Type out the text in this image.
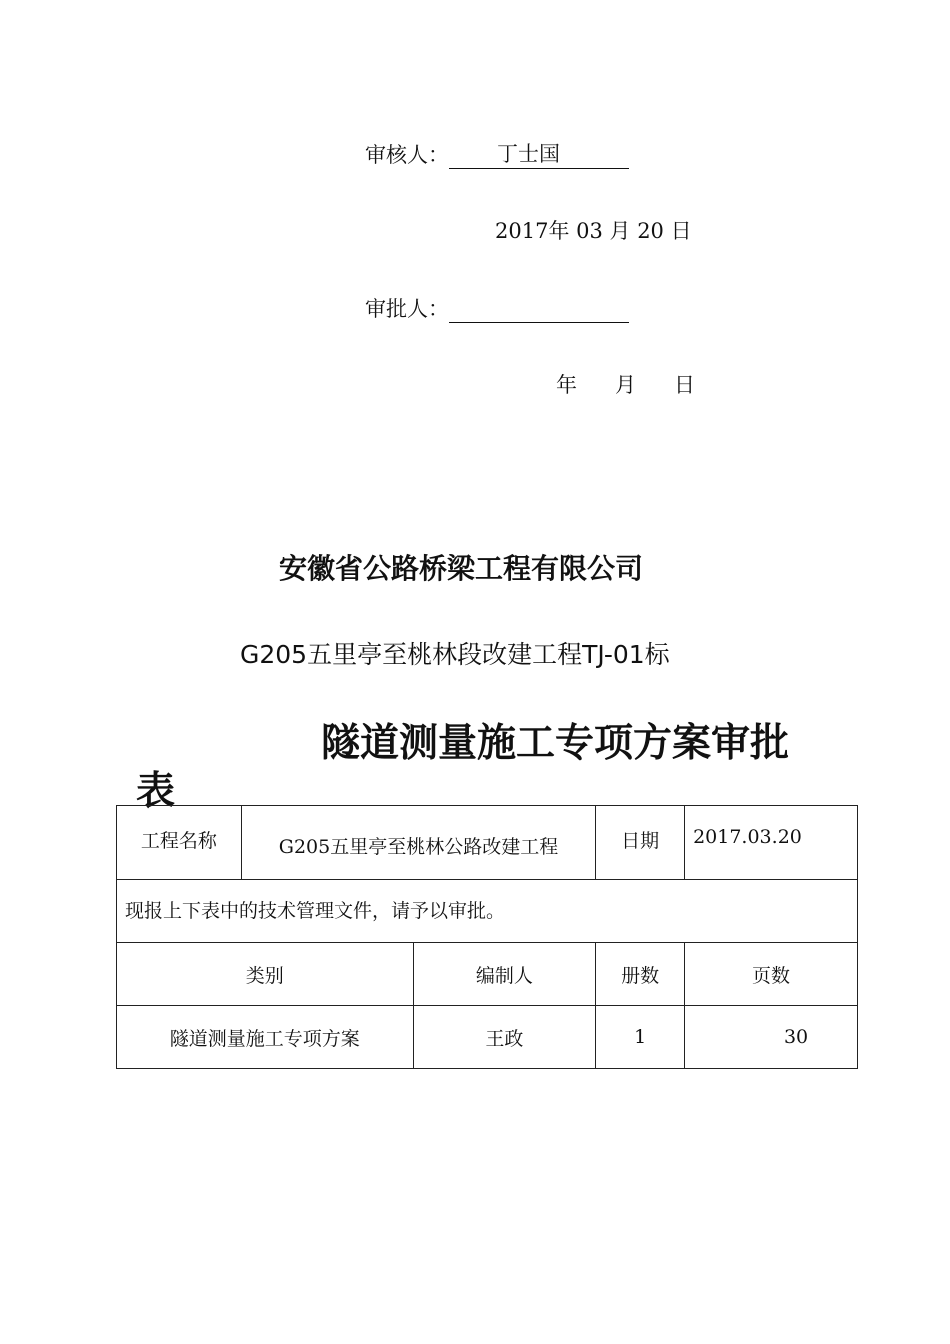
审核人： 丁士国
2017年 03 月 20 日
审批人：
年 月 日
安徽省公路桥梁工程有限公司
G205五里亭至桃林段改建工程TJ-01标
隧道测量施工专项方案审批
表
工程名称	G205五里亭至桃林公路改建工程		日期	2017.03.20
现报上下表中的技术管理文件，请予以审批。				
类别		编制人	册数	页数
隧道测量施工专项方案		王政	1	30
